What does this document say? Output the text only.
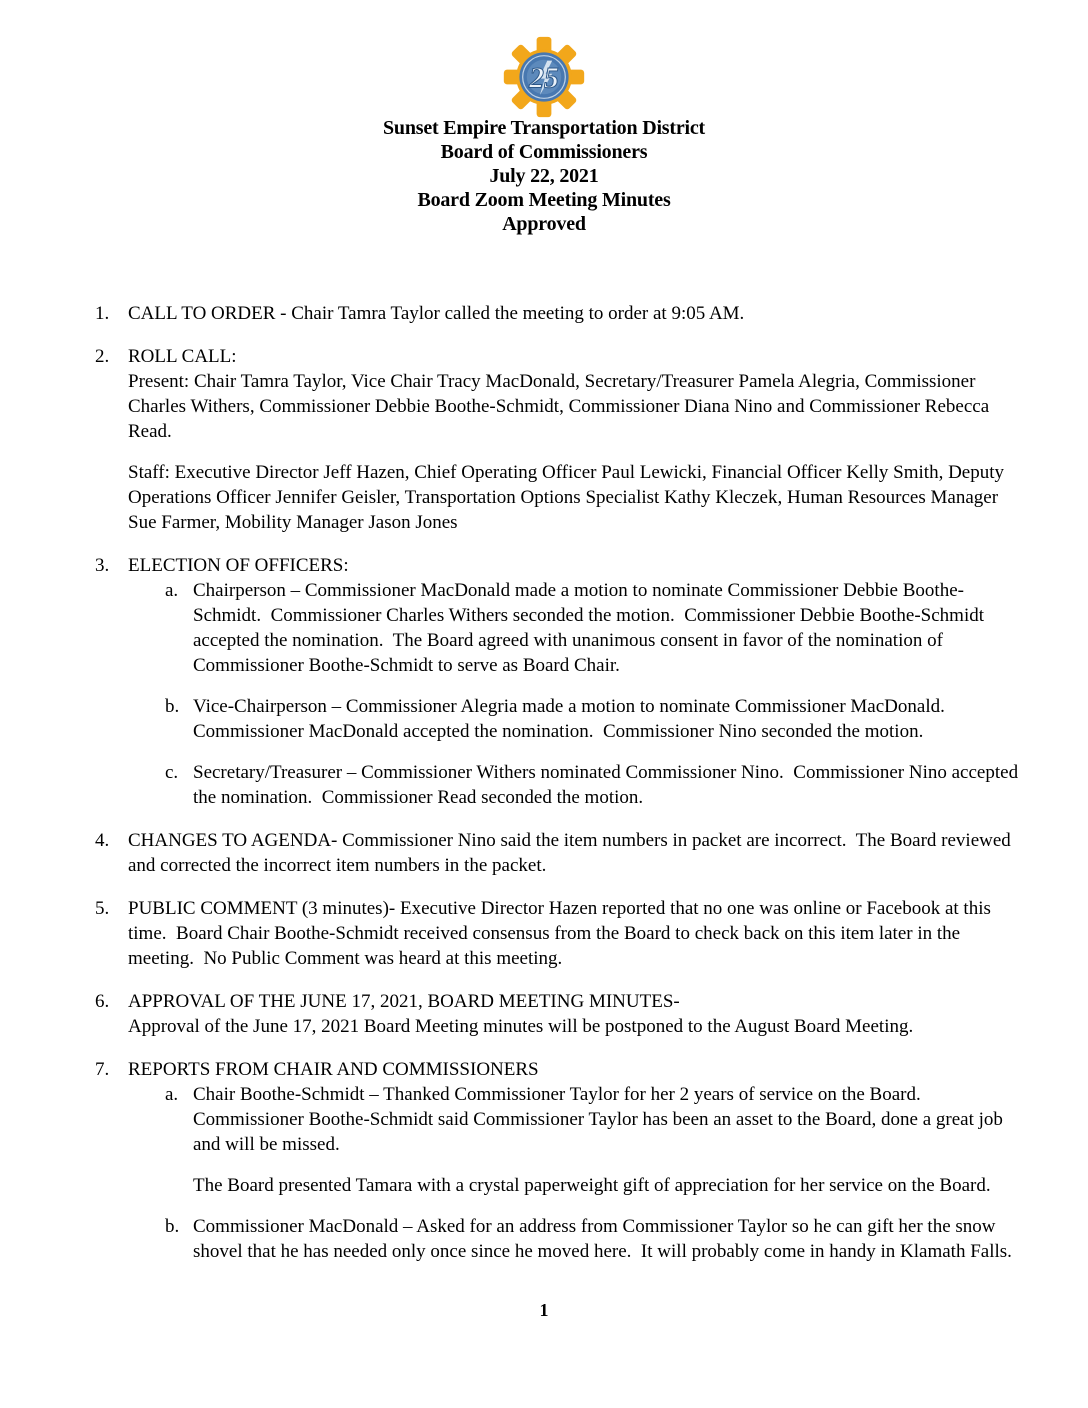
25
Sunset Empire Transportation District
Board of Commissioners
July 22, 2021
Board Zoom Meeting Minutes
Approved
1. CALL TO ORDER - Chair Tamra Taylor called the meeting to order at 9:05 AM.
2. ROLL CALL:
Present: Chair Tamra Taylor, Vice Chair Tracy MacDonald, Secretary/Treasurer Pamela Alegria, Commissioner Charles Withers, Commissioner Debbie Boothe-Schmidt, Commissioner Diana Nino and Commissioner Rebecca Read.
Staff: Executive Director Jeff Hazen, Chief Operating Officer Paul Lewicki, Financial Officer Kelly Smith, Deputy Operations Officer Jennifer Geisler, Transportation Options Specialist Kathy Kleczek, Human Resources Manager Sue Farmer, Mobility Manager Jason Jones
3. ELECTION OF OFFICERS:
a. Chairperson – Commissioner MacDonald made a motion to nominate Commissioner Debbie Boothe-Schmidt.  Commissioner Charles Withers seconded the motion.  Commissioner Debbie Boothe-Schmidt accepted the nomination.  The Board agreed with unanimous consent in favor of the nomination of Commissioner Boothe-Schmidt to serve as Board Chair.
b. Vice-Chairperson – Commissioner Alegria made a motion to nominate Commissioner MacDonald.  Commissioner MacDonald accepted the nomination.  Commissioner Nino seconded the motion.
c. Secretary/Treasurer – Commissioner Withers nominated Commissioner Nino.  Commissioner Nino accepted the nomination.  Commissioner Read seconded the motion.
4. CHANGES TO AGENDA- Commissioner Nino said the item numbers in packet are incorrect.  The Board reviewed and corrected the incorrect item numbers in the packet.
5. PUBLIC COMMENT (3 minutes)- Executive Director Hazen reported that no one was online or Facebook at this time.  Board Chair Boothe-Schmidt received consensus from the Board to check back on this item later in the meeting.  No Public Comment was heard at this meeting.
6. APPROVAL OF THE JUNE 17, 2021, BOARD MEETING MINUTES-
Approval of the June 17, 2021 Board Meeting minutes will be postponed to the August Board Meeting.
7. REPORTS FROM CHAIR AND COMMISSIONERS
a. Chair Boothe-Schmidt – Thanked Commissioner Taylor for her 2 years of service on the Board.  Commissioner Boothe-Schmidt said Commissioner Taylor has been an asset to the Board, done a great job and will be missed.
The Board presented Tamara with a crystal paperweight gift of appreciation for her service on the Board.
b. Commissioner MacDonald – Asked for an address from Commissioner Taylor so he can gift her the snow shovel that he has needed only once since he moved here.  It will probably come in handy in Klamath Falls.
1
